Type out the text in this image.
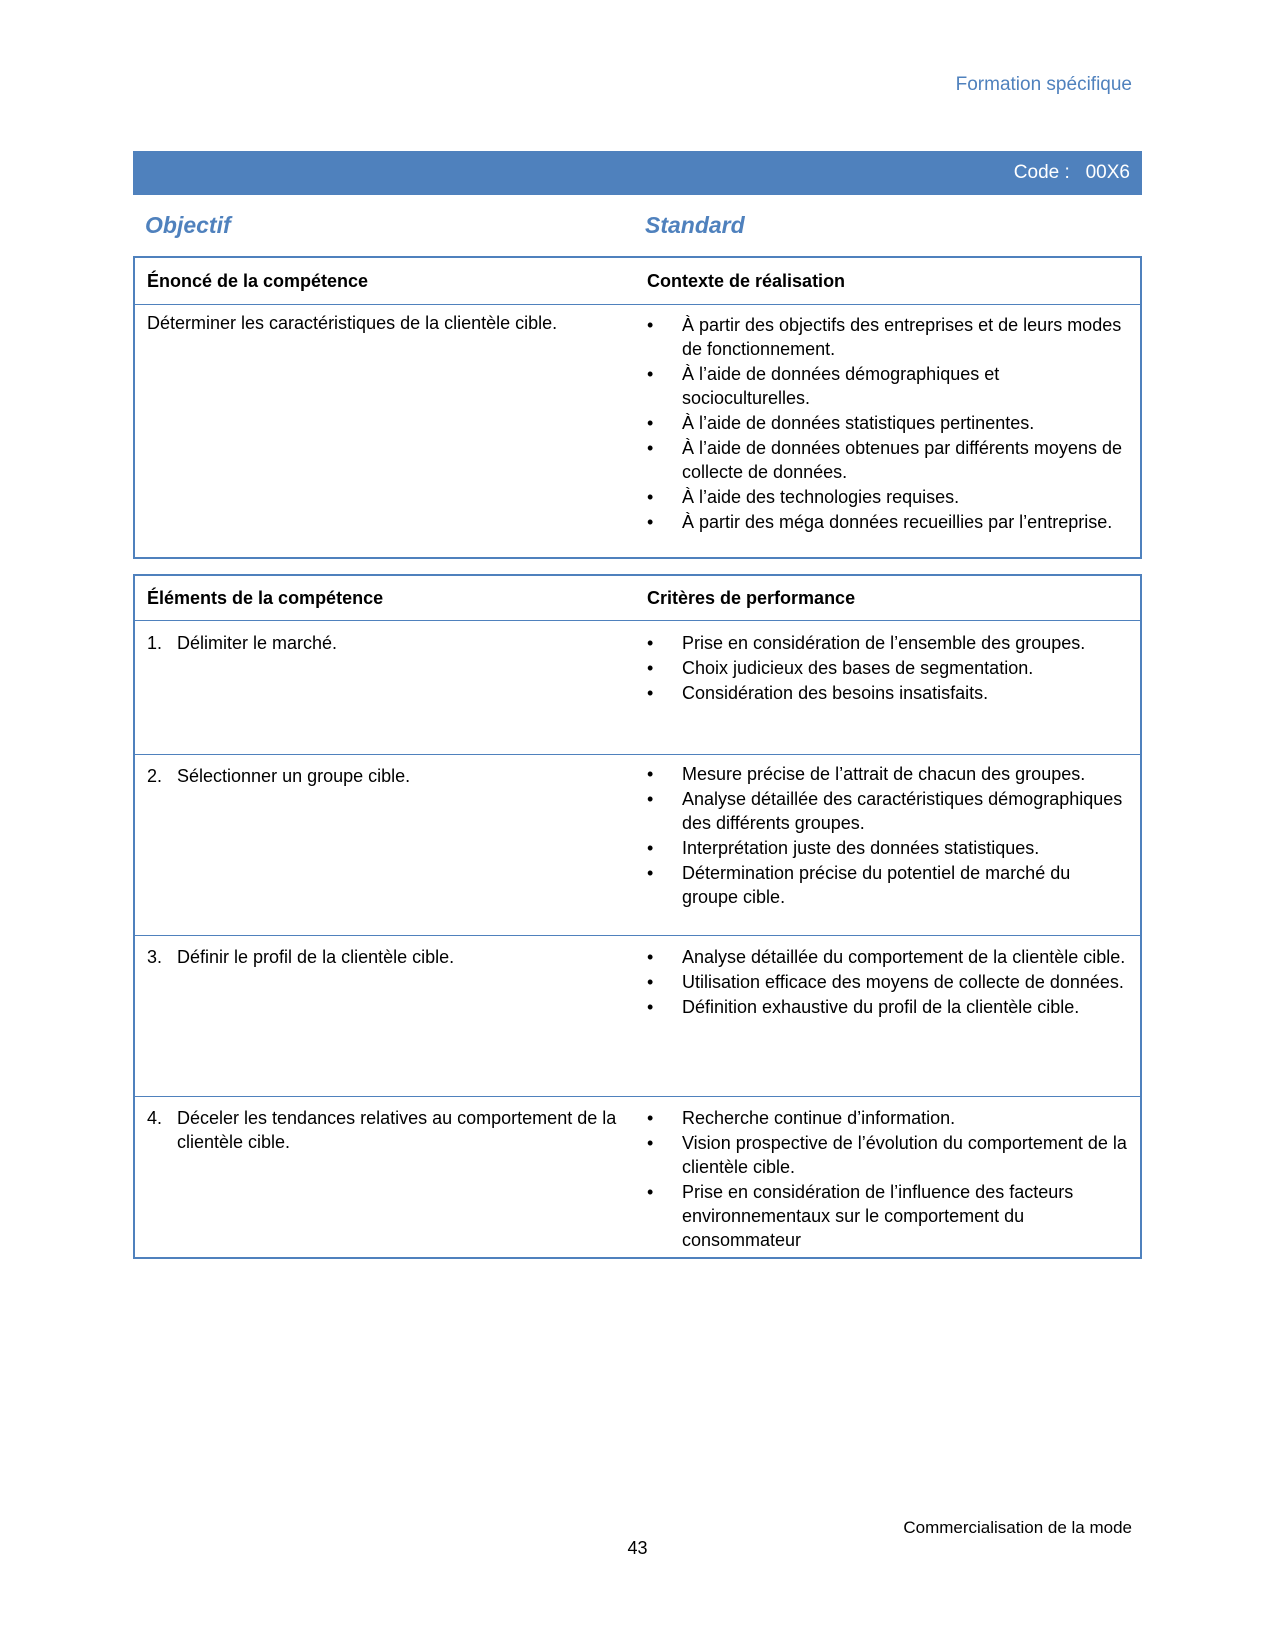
Formation spécifique
Code :   00X6
Objectif	Standard
Énoncé de la compétence	Contexte de réalisation
Déterminer les caractéristiques de la clientèle cible.	• À partir des objectifs des entreprises et de leurs modes de fonctionnement.
• À l’aide de données démographiques et socioculturelles.
• À l’aide de données statistiques pertinentes.
• À l’aide de données obtenues par différents moyens de collecte de données.
• À l’aide des technologies requises.
• À partir des méga données recueillies par l’entreprise.
Éléments de la compétence	Critères de performance
1. Délimiter le marché.	• Prise en considération de l’ensemble des groupes.
• Choix judicieux des bases de segmentation.
• Considération des besoins insatisfaits.
2. Sélectionner un groupe cible.	• Mesure précise de l’attrait de chacun des groupes.
• Analyse détaillée des caractéristiques démographiques des différents groupes.
• Interprétation juste des données statistiques.
• Détermination précise du potentiel de marché du groupe cible.
3. Définir le profil de la clientèle cible.	• Analyse détaillée du comportement de la clientèle cible.
• Utilisation efficace des moyens de collecte de données.
• Définition exhaustive du profil de la clientèle cible.
4. Déceler les tendances relatives au comportement de la clientèle cible.
• Recherche continue d’information.
• Vision prospective de l’évolution du comportement de la clientèle cible.
• Prise en considération de l’influence des facteurs environnementaux sur le comportement du consommateur
Commercialisation de la mode
43
